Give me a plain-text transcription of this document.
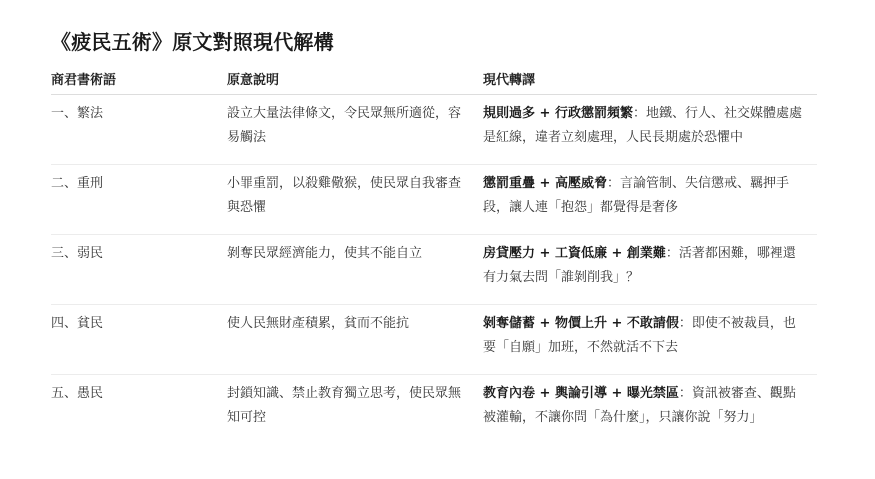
《疲民五術》原文對照現代解構
商君書術語	原意說明	現代轉譯
一、繁法	設立大量法律條文，令民眾無所適從，容易觸法	規則過多 + 行政懲罰頻繁：地鐵、行人、社交媒體處處是紅線，違者立刻處理，人民長期處於恐懼中
二、重刑	小罪重罰，以殺雞儆猴，使民眾自我審查與恐懼	懲罰重疊 + 高壓威脅：言論管制、失信懲戒、羈押手段，讓人連「抱怨」都覺得是奢侈
三、弱民	剝奪民眾經濟能力，使其不能自立	房貸壓力 + 工資低廉 + 創業難：活著都困難，哪裡還有力氣去問「誰剝削我」？
四、貧民	使人民無財產積累，貧而不能抗	剝奪儲蓄 + 物價上升 + 不敢請假：即使不被裁員，也要「自願」加班，不然就活不下去
五、愚民	封鎖知識、禁止教育獨立思考，使民眾無知可控	教育內卷 + 輿論引導 + 曝光禁區：資訊被審查、觀點被灌輸，不讓你問「為什麼」，只讓你說「努力」
